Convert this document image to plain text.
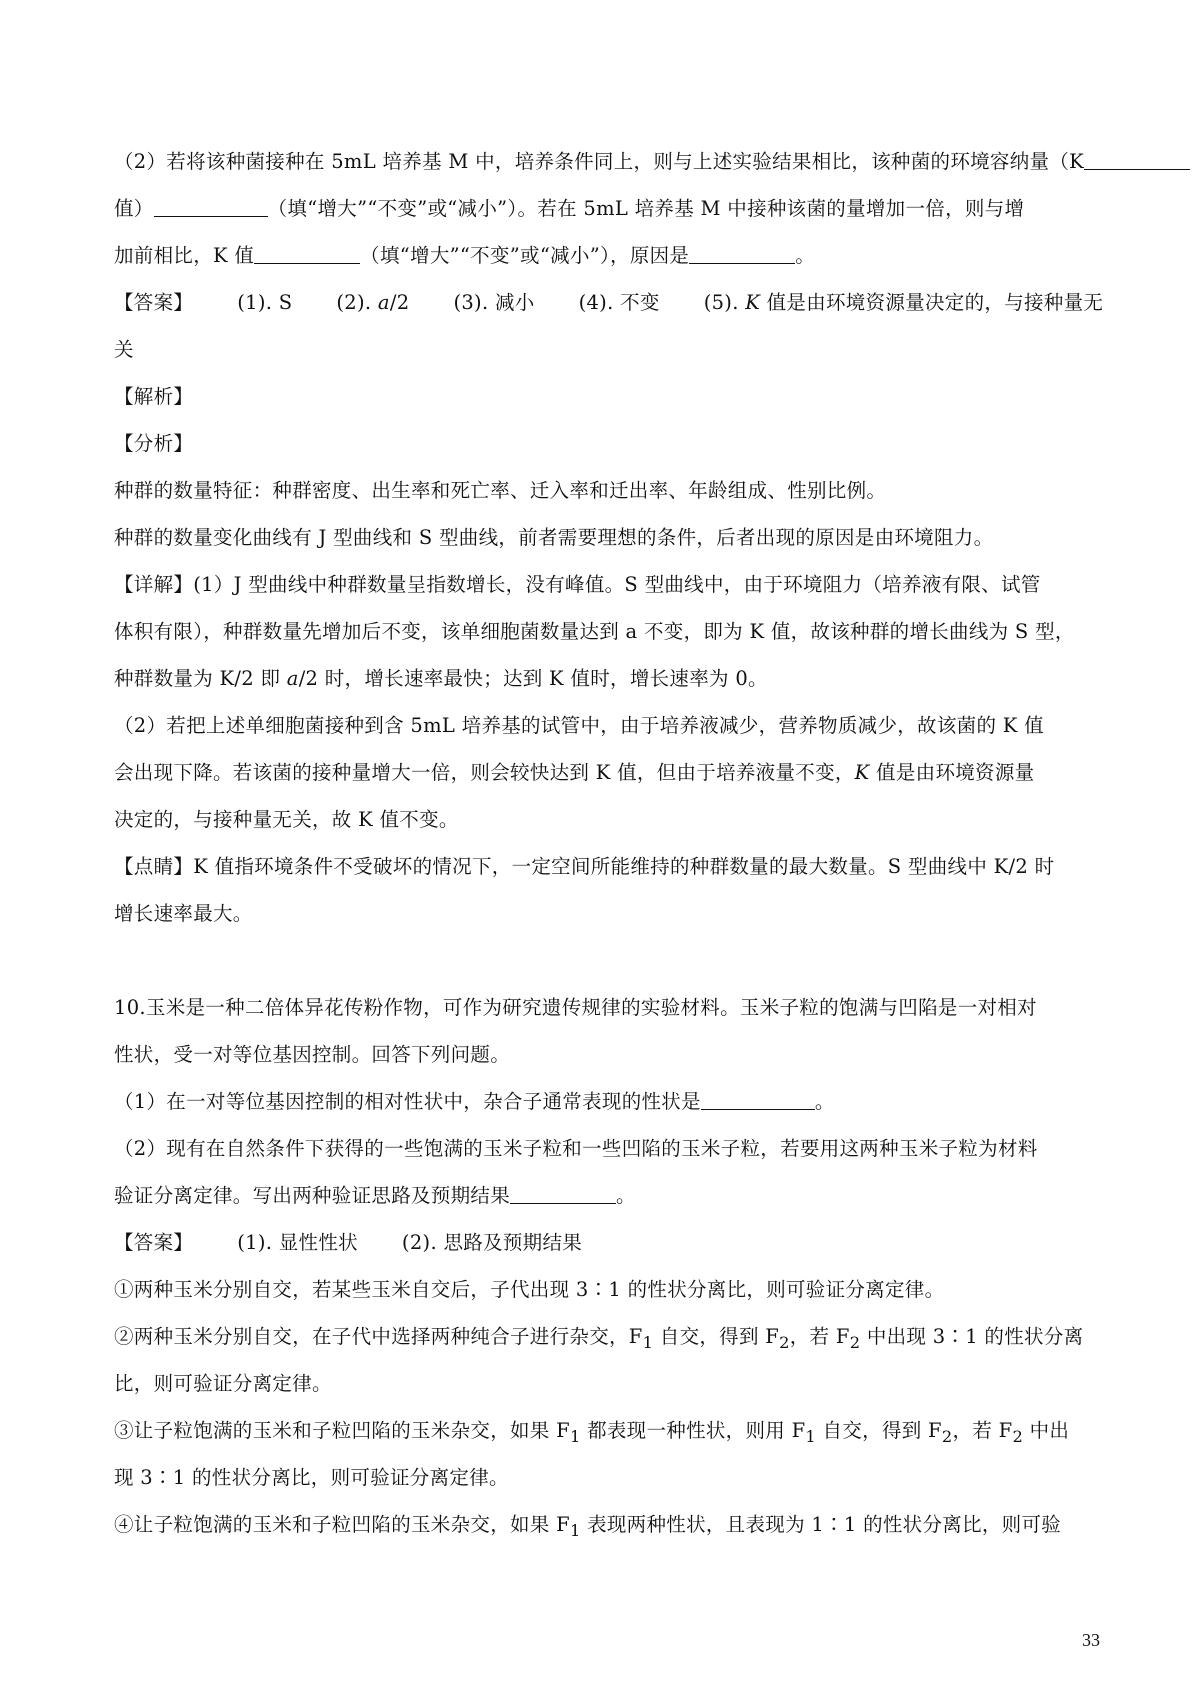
（2）若将该种菌接种在 5mL 培养基 M 中，培养条件同上，则与上述实验结果相比，该种菌的环境容纳量（K
值）	（填“增大”“不变”或“减小”）。若在 5mL 培养基 M 中接种该菌的量增加一倍，则与增
加前相比，K 值	（填“增大”“不变”或“减小”），原因是	。
【答案】 (1). S (2). a/2 (3). 减小 (4). 不变 (5). K 值是由环境资源量决定的，与接种量无
关
【解析】
【分析】
种群的数量特征：种群密度、出生率和死亡率、迁入率和迁出率、年龄组成、性别比例。
种群的数量变化曲线有 J 型曲线和 S 型曲线，前者需要理想的条件，后者出现的原因是由环境阻力。
【详解】(1）J 型曲线中种群数量呈指数增长，没有峰值。S 型曲线中，由于环境阻力（培养液有限、试管
体积有限），种群数量先增加后不变，该单细胞菌数量达到 a 不变，即为 K 值，故该种群的增长曲线为 S 型，
种群数量为 K/2 即 a/2 时，增长速率最快；达到 K 值时，增长速率为 0。
（2）若把上述单细胞菌接种到含 5mL 培养基的试管中，由于培养液减少，营养物质减少，故该菌的 K 值
会出现下降。若该菌的接种量增大一倍，则会较快达到 K 值，但由于培养液量不变，K 值是由环境资源量
决定的，与接种量无关，故 K 值不变。
【点睛】K 值指环境条件不受破坏的情况下，一定空间所能维持的种群数量的最大数量。S 型曲线中 K/2 时
增长速率最大。
10.玉米是一种二倍体异花传粉作物，可作为研究遗传规律的实验材料。玉米子粒的饱满与凹陷是一对相对
性状，受一对等位基因控制。回答下列问题。
（1）在一对等位基因控制的相对性状中，杂合子通常表现的性状是	。
（2）现有在自然条件下获得的一些饱满的玉米子粒和一些凹陷的玉米子粒，若要用这两种玉米子粒为材料
验证分离定律。写出两种验证思路及预期结果	。
【答案】 (1). 显性性状 (2). 思路及预期结果
①两种玉米分别自交，若某些玉米自交后，子代出现 3∶1 的性状分离比，则可验证分离定律。
②两种玉米分别自交，在子代中选择两种纯合子进行杂交，$F_1$ 自交，得到 $F_2$，若 $F_2$ 中出现 3∶1 的性状分离
比，则可验证分离定律。
③让子粒饱满的玉米和子粒凹陷的玉米杂交，如果 $F_1$ 都表现一种性状，则用 $F_1$ 自交，得到 $F_2$，若 $F_2$ 中出
现 3∶1 的性状分离比，则可验证分离定律。
④让子粒饱满的玉米和子粒凹陷的玉米杂交，如果 $F_1$ 表现两种性状，且表现为 1∶1 的性状分离比，则可验
33
